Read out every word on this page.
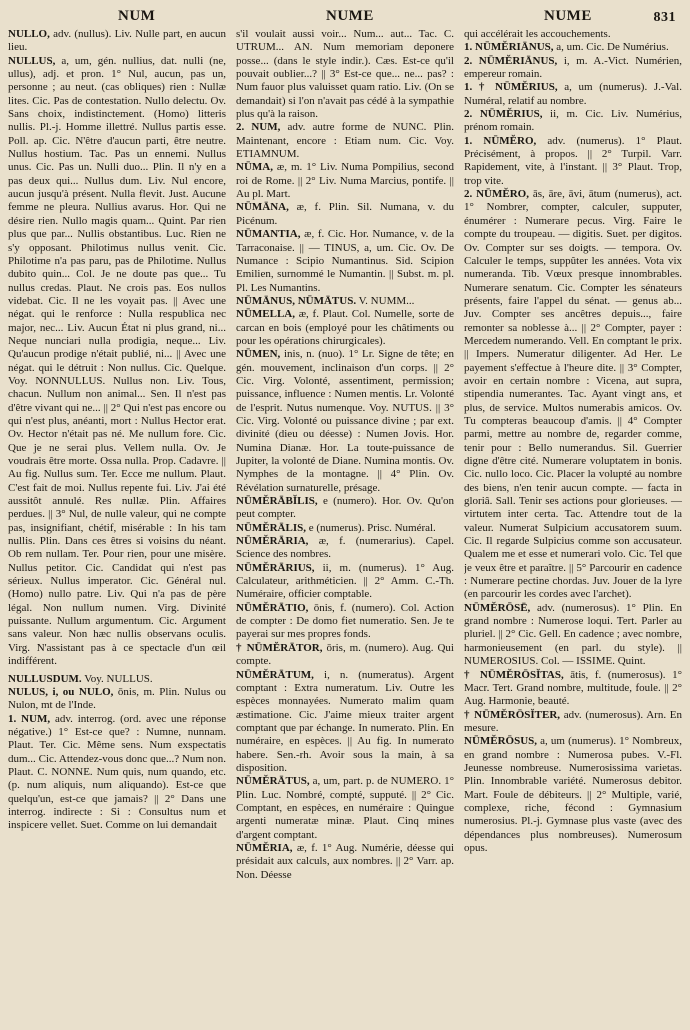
NUM	NUME	NUME	831

NULLO, adv. (nullus). Liv. Nulle part, en aucun lieu.

NULLUS, a, um, gén. nullius, dat. nulli (ne, ullus), adj. et pron. 1° Nul, aucun, pas un, personne ; au neut. (cas obliques) rien : Nullæ lites. Cic. Pas de contestation. Nullo delectu. Ov. Sans choix, indistinctement. (Homo) litteris nullis. Pl.-j. Homme illettré. Nullus partis esse. Poll. ap. Cic. N'être d'aucun parti, être neutre. Nullus hostium. Tac. Pas un ennemi. Nullus unus. Cic. Pas un. Nulli duo... Plin. Il n'y en a pas deux qui... Nullus dum. Liv. Nul encore, aucun jusqu'à présent. Nulla flevit. Just. Aucune femme ne pleura. Nullius avarus. Hor. Qui ne désire rien. Nullo magis quam... Quint. Par rien plus que par... Nullis obstantibus. Luc. Rien ne s'y opposant. Philotimus nullus venit. Cic. Philotime n'a pas paru, pas de Philotime. Nullus dubito quin... Col. Je ne doute pas que... Tu nullus credas. Plaut. Ne crois pas. Eos nullos videbat. Cic. Il ne les voyait pas. || Avec une négat. qui le renforce : Nulla respublica nec major, nec... Liv. Aucun État ni plus grand, ni... Neque nunciari nulla prodigia, neque... Liv. Qu'aucun prodige n'était publié, ni... || Avec une négat. qui le détruit : Non nullus. Cic. Quelque. Voy. NONNULLUS. Nullus non. Liv. Tous, chacun. Nullum non animal... Sen. Il n'est pas d'être vivant qui ne... || 2° Qui n'est pas encore ou qui n'est plus, anéanti, mort : Nullus Hector erat. Ov. Hector n'était pas né. Me nullum fore. Cic. Que je ne serai plus. Vellem nulla. Ov. Je voudrais être morte. Ossa nulla. Prop. Cadavre. || Au fig. Nullus sum. Ter. Ecce me nullum. Plaut. C'est fait de moi. Nullus repente fui. Liv. J'ai été aussitôt annulé. Res nullæ. Plin. Affaires perdues. || 3° Nul, de nulle valeur, qui ne compte pas, insignifiant, chétif, misérable : In his tam nullis. Plin. Dans ces êtres si voisins du néant. Ob rem nullam. Ter. Pour rien, pour une misère. Nullus petitor. Cic. Candidat qui n'est pas sérieux. Nullus imperator. Cic. Général nul. (Homo) nullo patre. Liv. Qui n'a pas de père légal. Non nullum numen. Virg. Divinité puissante. Nullum argumentum. Cic. Argument sans valeur. Non hæc nullis observans oculis. Virg. N'assistant pas à ce spectacle d'un œil indifférent.

NULLUSDUM. Voy. NULLUS.

NULUS, i, ou NULO, ōnis, m. Plin. Nulus ou Nulon, mt de l'Inde.

1. NUM, adv. interrog. (ord. avec une réponse négative.) 1° Est-ce que? : Numne, nunnam. Plaut. Ter. Cic. Même sens. Num exspectatis dum... Cic. Attendez-vous donc que...? Num non. Plaut. C. NONNE. Num quis, num quando, etc. (p. num aliquis, num aliquando). Est-ce que quelqu'un, est-ce que jamais? || 2° Dans une interrog. indirecte : Si : Consultus num et inspicere vellet. Suet. Comme on lui demandait

s'il voulait aussi voir... Num... aut... Tac. C. UTRUM... AN. Num memoriam deponere posse... (dans le style indir.). Cæs. Est-ce qu'il pouvait oublier...? || 3° Est-ce que... ne... pas? : Num fauor plus valuisset quam ratio. Liv. (On se demandait) si l'on n'avait pas cédé à la sympathie plus qu'à la raison.

2. NUM, adv. autre forme de NUNC. Plin. Maintenant, encore : Etiam num. Cic. Voy. ETIAMNUM.

NŪMA, æ, m. 1° Liv. Numa Pompilius, second roi de Rome. || 2° Liv. Numa Marcius, pontife. || Au pl. Mart.

NŪMĀNA, æ, f. Plin. Sil. Numana, v. du Picénum.

NŪMANTIA, æ, f. Cic. Hor. Numance, v. de la Tarraconaise. || — TINUS, a, um. Cic. Ov. De Numance : Scipio Numantinus. Sid. Scipion Emilien, surnommé le Numantin. || Subst. m. pl. Pl. Les Numantins.

NŪMĀNUS, NŪMĀTUS. V. NUMM...

NŪMELLA, æ, f. Plaut. Col. Numelle, sorte de carcan en bois (employé pour les châtiments ou pour les opérations chirurgicales).

NŪMEN, inis, n. (nuo). 1° Lr. Signe de tête; en gén. mouvement, inclinaison d'un corps. || 2° Cic. Virg. Volonté, assentiment, permission; puissance, influence : Numen mentis. Lr. Volonté de l'esprit. Nutus numenque. Voy. NUTUS. || 3° Cic. Virg. Volonté ou puissance divine ; par ext. divinité (dieu ou déesse) : Numen Jovis. Hor. Numina Dianæ. Hor. La toute-puissance de Jupiter, la volonté de Diane. Numina montis. Ov. Nymphes de la montagne. || 4° Plin. Ov. Révélation surnaturelle, présage.

NŪMĔRĀBĬLIS, e (numero). Hor. Ov. Qu'on peut compter.

NŪMĔRĀLIS, e (numerus). Prisc. Numéral.

NŪMĔRĀRIA, æ, f. (numerarius). Capel. Science des nombres.

NŪMĔRĀRIUS, ii, m. (numerus). 1° Aug. Calculateur, arithméticien. || 2° Amm. C.-Th. Numéraire, officier comptable.

NŪMĔRĀTIO, ōnis, f. (numero). Col. Action de compter : De domo fiet numeratio. Sen. Je te payerai sur mes propres fonds.

† NŪMĔRĀTOR, ōris, m. (numero). Aug. Qui compte.

NŪMĔRĀTUM, i, n. (numeratus). Argent comptant : Extra numeratum. Liv. Outre les espèces monnayées. Numerato malim quam æstimatione. Cic. J'aime mieux traiter argent comptant que par échange. In numerato. Plin. En numéraire, en espèces. || Au fig. In numerato habere. Sen.-rh. Avoir sous la main, à sa disposition.

NŪMĔRĀTUS, a, um, part. p. de NUMERO. 1° Plin. Luc. Nombré, compté, supputé. || 2° Cic. Comptant, en espèces, en numéraire : Quingue argenti numeratæ minæ. Plaut. Cinq mines d'argent comptant.

NŪMĔRIA, æ, f. 1° Aug. Numérie, déesse qui présidait aux calculs, aux nombres. || 2° Varr. ap. Non. Déesse

qui accélérait les accouchements.

1. NŪMĔRIĀNUS, a, um. Cic. De Numérius.

2. NŪMĔRIĀNUS, i, m. A.-Vict. Numérien, empereur romain.

1. † NŪMĔRIUS, a, um (numerus). J.-Val. Numéral, relatif au nombre.

2. NŪMĔRIUS, ii, m. Cic. Liv. Numérius, prénom romain.

1. NŪMĔRO, adv. (numerus). 1° Plaut. Précisément, à propos. || 2° Turpil. Varr. Rapidement, vite, à l'instant. || 3° Plaut. Trop, trop vite.

2. NŪMĔRO, ās, āre, āvi, ātum (numerus), act. 1° Nombrer, compter, calculer, supputer, énumérer : Numerare pecus. Virg. Faire le compte du troupeau. — digitis. Suet. per digitos. Ov. Compter sur ses doigts. — tempora. Ov. Calculer le temps, suppûter les années. Vota vix numeranda. Tib. Vœux presque innombrables. Numerare senatum. Cic. Compter les sénateurs présents, faire l'appel du sénat. — genus ab... Juv. Compter ses ancêtres depuis..., faire remonter sa noblesse à... || 2° Compter, payer : Mercedem numerando. Vell. En comptant le prix. || Impers. Numeratur diligenter. Ad Her. Le payement s'effectue à l'heure dite. || 3° Compter, avoir en certain nombre : Vicena, aut supra, stipendia numerantes. Tac. Ayant vingt ans, et plus, de service. Multos numerabis amicos. Ov. Tu compteras beaucoup d'amis. || 4° Compter parmi, mettre au nombre de, regarder comme, tenir pour : Bello numerandus. Sil. Guerrier digne d'être cité. Numerare voluptatem in bonis. Cic. nullo loco. Cic. Placer la volupté au nombre des biens, n'en tenir aucun compte. — facta in gloriâ. Sall. Tenir ses actions pour glorieuses. — virtutem inter certa. Tac. Attendre tout de la valeur. Numerat Sulpicium accusatorem suum. Cic. Il regarde Sulpicius comme son accusateur. Qualem me et esse et numerari volo. Cic. Tel que je veux être et paraître. || 5° Parcourir en cadence : Numerare pectine chordas. Juv. Jouer de la lyre (en parcourir les cordes avec l'archet).

NŪMĔRŌSĒ, adv. (numerosus). 1° Plin. En grand nombre : Numerose loqui. Tert. Parler au pluriel. || 2° Cic. Gell. En cadence ; avec nombre, harmonieusement (en parl. du style). || NUMEROSIUS. Col. — ISSIME. Quint.

† NŪMĔRŌSĬTAS, ātis, f. (numerosus). 1° Macr. Tert. Grand nombre, multitude, foule. || 2° Aug. Harmonie, beauté.

† NŪMĔRŌSĬTER, adv. (numerosus). Arn. En mesure.

NŪMĔRŌSUS, a, um (numerus). 1° Nombreux, en grand nombre : Numerosa pubes. V.-Fl. Jeunesse nombreuse. Numerosissima varietas. Plin. Innombrable variété. Numerosus debitor. Mart. Foule de débiteurs. || 2° Multiple, varié, complexe, riche, fécond : Gymnasium numerosius. Pl.-j. Gymnase plus vaste (avec des dépendances plus nombreuses). Numerosum opus.
